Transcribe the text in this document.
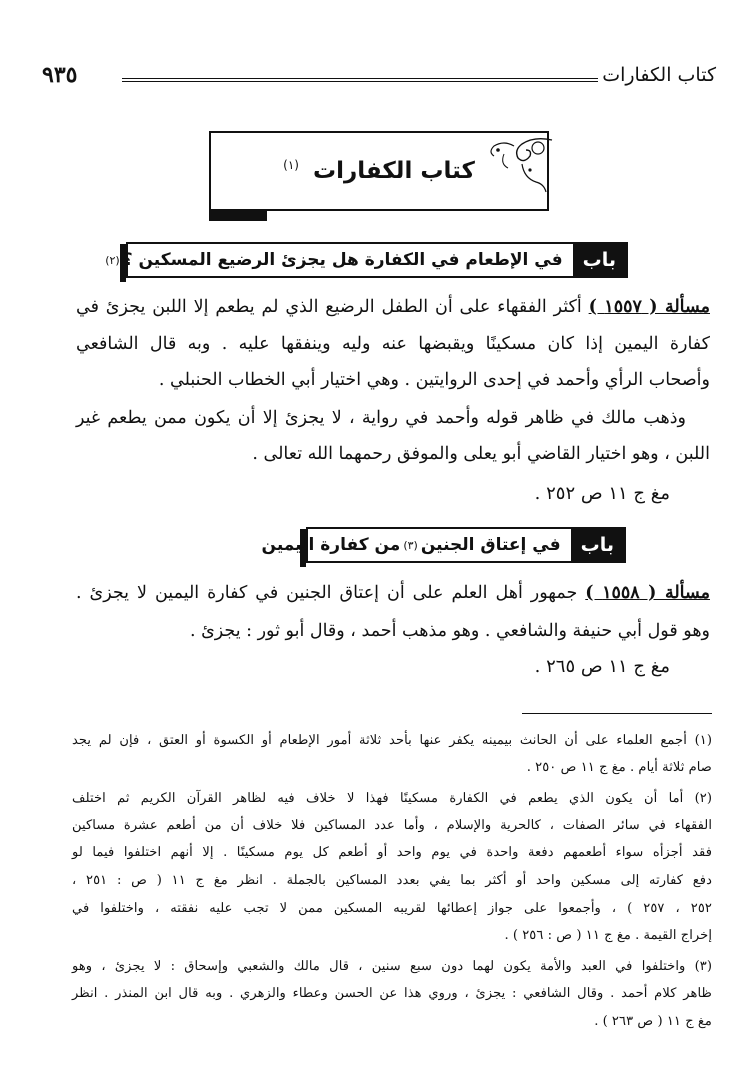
كتاب الكفارات
٩٣٥
كتاب الكفارات $^{(١)}$
باب
في الإطعام في الكفارة هل يجزئ الرضيع المسكين ؟
(٢)
مسألة ( ١٥٥٧ ) أكثر الفقهاء على أن الطفل الرضيع الذي لم يطعم إلا اللبن يجزئ في
كفارة اليمين إذا كان مسكينًا ويقبضها عنه وليه وينفقها عليه . وبه قال الشافعي
وأصحاب الرأي وأحمد في إحدى الروايتين . وهي اختيار أبي الخطاب الحنبلي .
وذهب مالك في ظاهر قوله وأحمد في رواية ، لا يجزئ إلا أن يكون ممن يطعم غير
اللبن ، وهو اختيار القاضي أبو يعلى والموفق رحمهما الله تعالى .
مغ ج ١١ ص ٢٥٢ .
باب
في إعتاق الجنين
(٣)
من كفارة اليمين
مسألة ( ١٥٥٨ ) جمهور أهل العلم على أن إعتاق الجنين في كفارة اليمين لا يجزئ .
وهو قول أبي حنيفة والشافعي . وهو مذهب أحمد ، وقال أبو ثور : يجزئ .
مغ ج ١١ ص ٢٦٥ .
(١) أجمع العلماء على أن الحانث بيمينه يكفر عنها بأحد ثلاثة أمور الإطعام أو الكسوة أو العتق ، فإن لم يجد
صام ثلاثة أيام . مغ ج ١١ ص ٢٥٠ .
(٢) أما أن يكون الذي يطعم في الكفارة مسكينًا فهذا لا خلاف فيه لظاهر القرآن الكريم ثم اختلف
الفقهاء في سائر الصفات ، كالحرية والإسلام ، وأما عدد المساكين فلا خلاف أن من أطعم عشرة مساكين
فقد أجزأه سواء أطعمهم دفعة واحدة في يوم واحد أو أطعم كل يوم مسكينًا . إلا أنهم اختلفوا فيما لو
دفع كفارته إلى مسكين واحد أو أكثر بما يفي بعدد المساكين بالجملة . انظر مغ ج ١١ ( ص : ٢٥١ ،
٢٥٢ ، ٢٥٧ ) ، وأجمعوا على جواز إعطائها لقريبه المسكين ممن لا تجب عليه نفقته ، واختلفوا في
إخراج القيمة . مغ ج ١١ ( ص : ٢٥٦ ) .
(٣) واختلفوا في العبد والأمة يكون لهما دون سبع سنين ، قال مالك والشعبي وإسحاق : لا يجزئ ، وهو
ظاهر كلام أحمد . وقال الشافعي : يجزئ ، وروي هذا عن الحسن وعطاء والزهري . وبه قال ابن المنذر . انظر
مغ ج ١١ ( ص ٢٦٣ ) .
